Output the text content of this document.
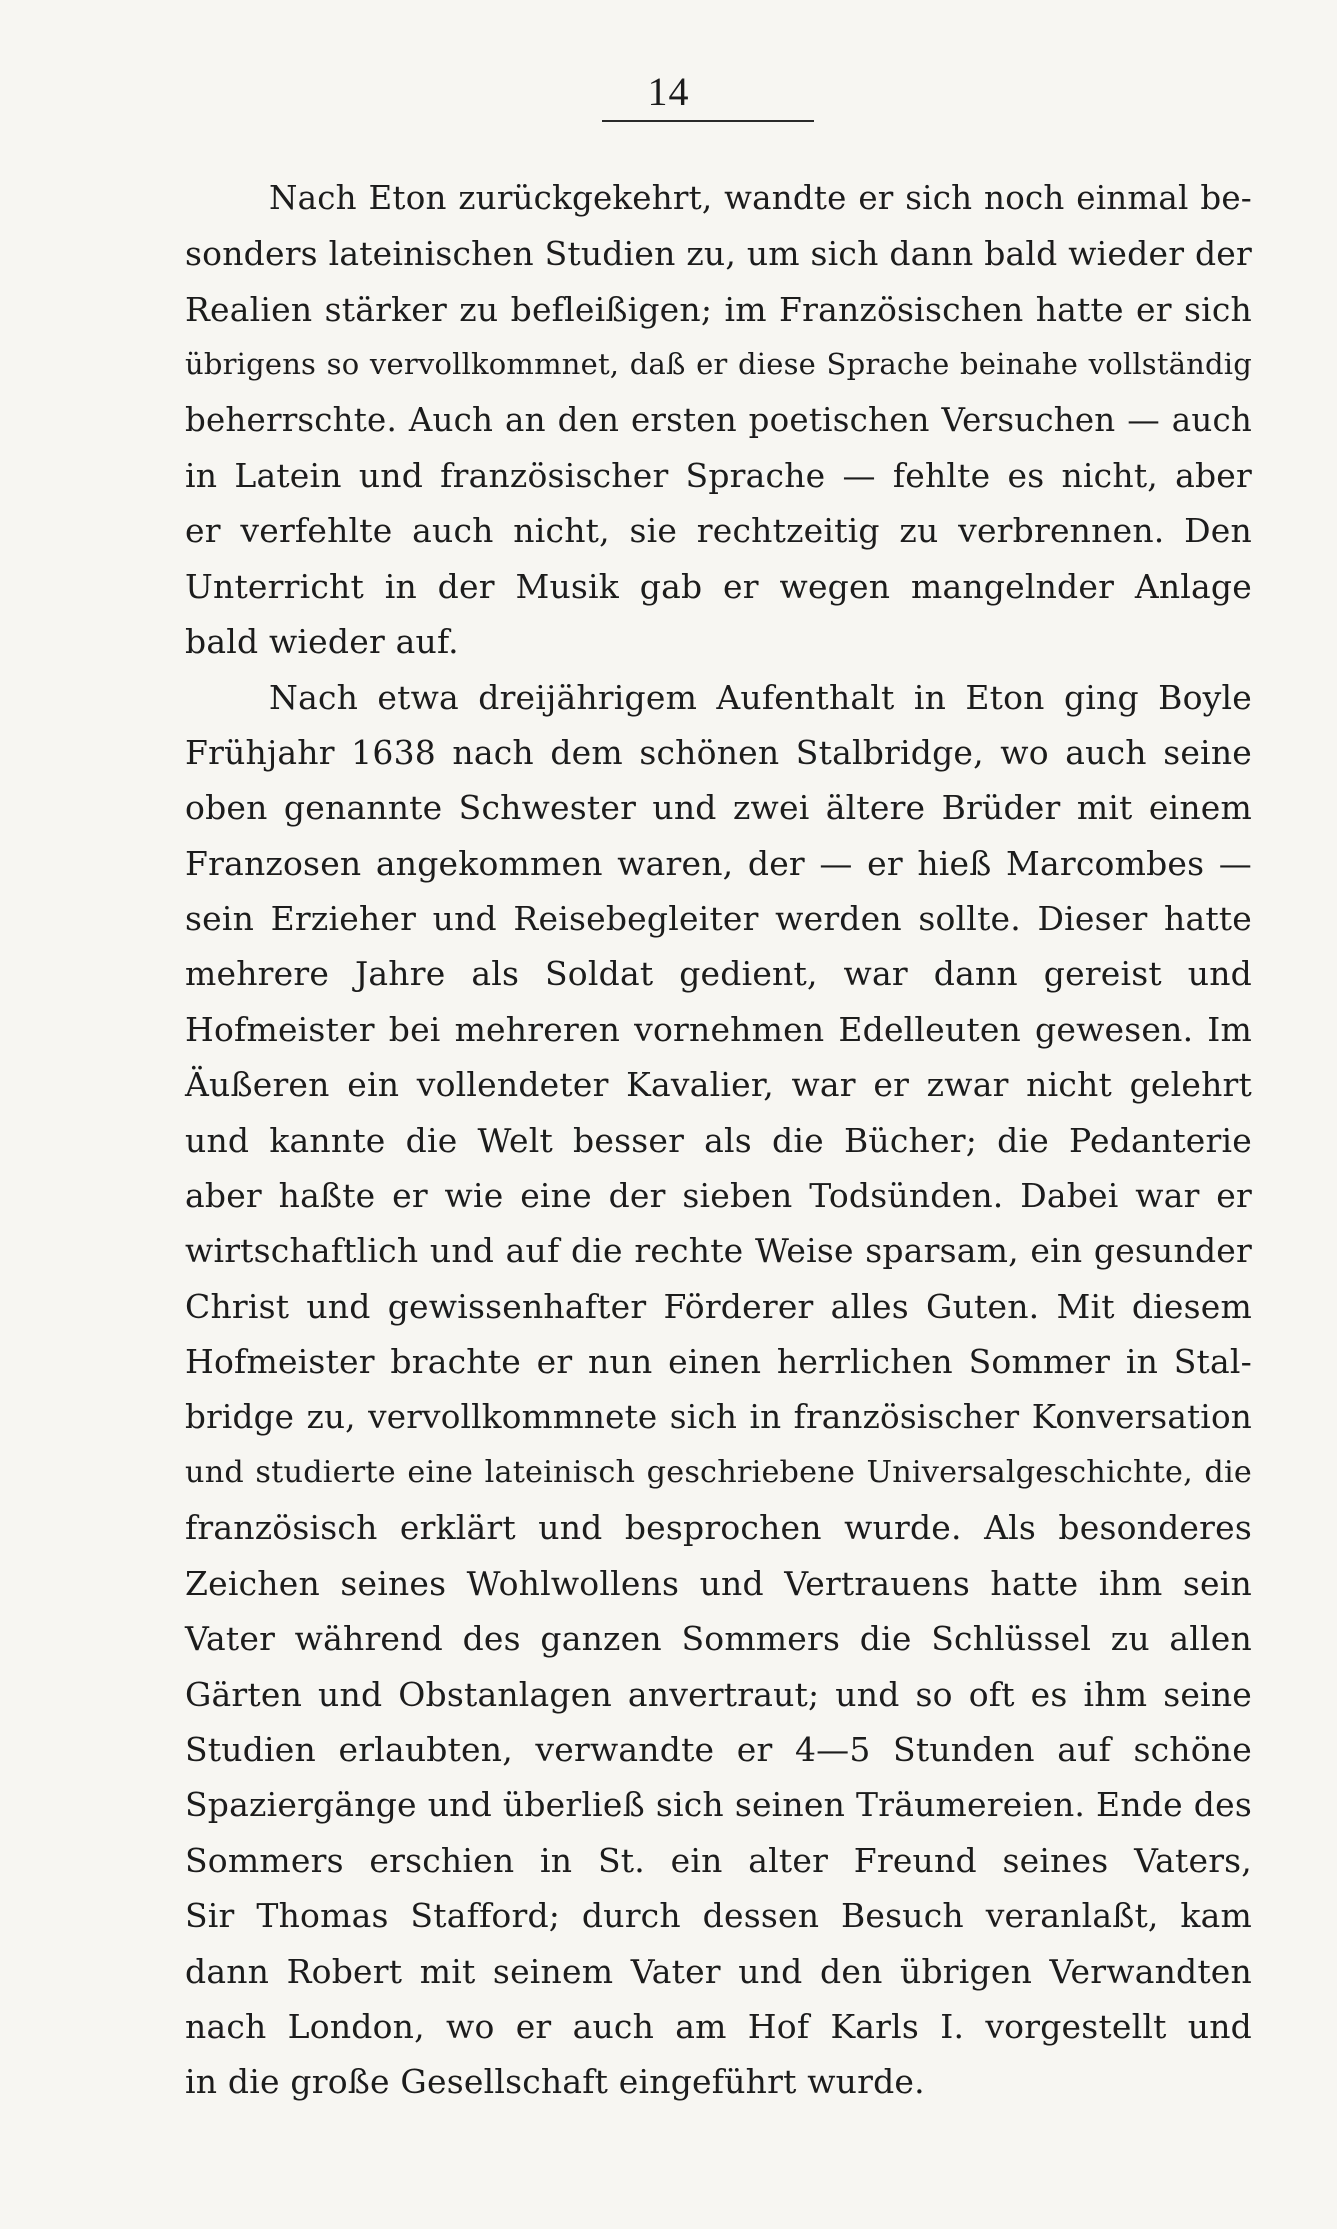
14
Nach Eton zurückgekehrt, wandte er sich noch einmal be-
sonders lateinischen Studien zu, um sich dann bald wieder der
Realien stärker zu befleißigen; im Französischen hatte er sich
übrigens so vervollkommnet, daß er diese Sprache beinahe vollständig
beherrschte. Auch an den ersten poetischen Versuchen — auch
in Latein und französischer Sprache — fehlte es nicht, aber
er verfehlte auch nicht, sie rechtzeitig zu verbrennen. Den
Unterricht in der Musik gab er wegen mangelnder Anlage
bald wieder auf.
Nach etwa dreijährigem Aufenthalt in Eton ging Boyle
Frühjahr 1638 nach dem schönen Stalbridge, wo auch seine
oben genannte Schwester und zwei ältere Brüder mit einem
Franzosen angekommen waren, der — er hieß Marcombes —
sein Erzieher und Reisebegleiter werden sollte. Dieser hatte
mehrere Jahre als Soldat gedient, war dann gereist und
Hofmeister bei mehreren vornehmen Edelleuten gewesen. Im
Äußeren ein vollendeter Kavalier, war er zwar nicht gelehrt
und kannte die Welt besser als die Bücher; die Pedanterie
aber haßte er wie eine der sieben Todsünden. Dabei war er
wirtschaftlich und auf die rechte Weise sparsam, ein gesunder
Christ und gewissenhafter Förderer alles Guten. Mit diesem
Hofmeister brachte er nun einen herrlichen Sommer in Stal-
bridge zu, vervollkommnete sich in französischer Konversation
und studierte eine lateinisch geschriebene Universalgeschichte, die
französisch erklärt und besprochen wurde. Als besonderes
Zeichen seines Wohlwollens und Vertrauens hatte ihm sein
Vater während des ganzen Sommers die Schlüssel zu allen
Gärten und Obstanlagen anvertraut; und so oft es ihm seine
Studien erlaubten, verwandte er 4—5 Stunden auf schöne
Spaziergänge und überließ sich seinen Träumereien. Ende des
Sommers erschien in St. ein alter Freund seines Vaters,
Sir Thomas Stafford; durch dessen Besuch veranlaßt, kam
dann Robert mit seinem Vater und den übrigen Verwandten
nach London, wo er auch am Hof Karls I. vorgestellt und
in die große Gesellschaft eingeführt wurde.
